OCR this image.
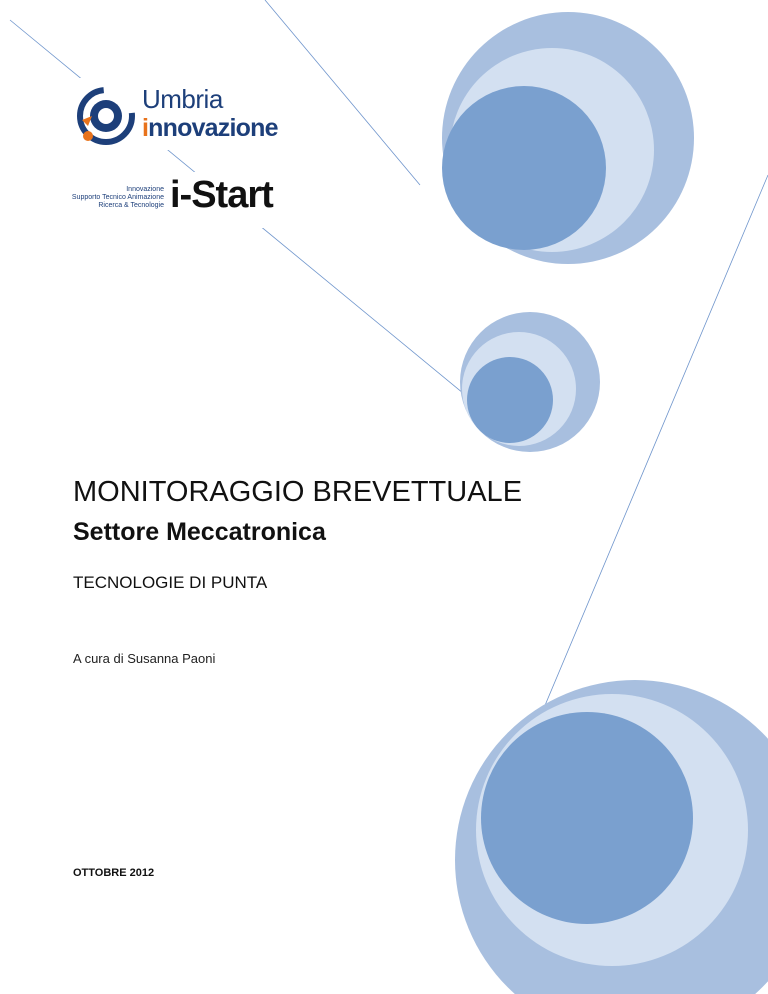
Umbria
innovazione
Innovazione
Supporto Tecnico Animazione
Ricerca & Tecnologie i-Start
MONITORAGGIO BREVETTUALE
Settore Meccatronica
TECNOLOGIE DI PUNTA
A cura di Susanna Paoni
OTTOBRE 2012
